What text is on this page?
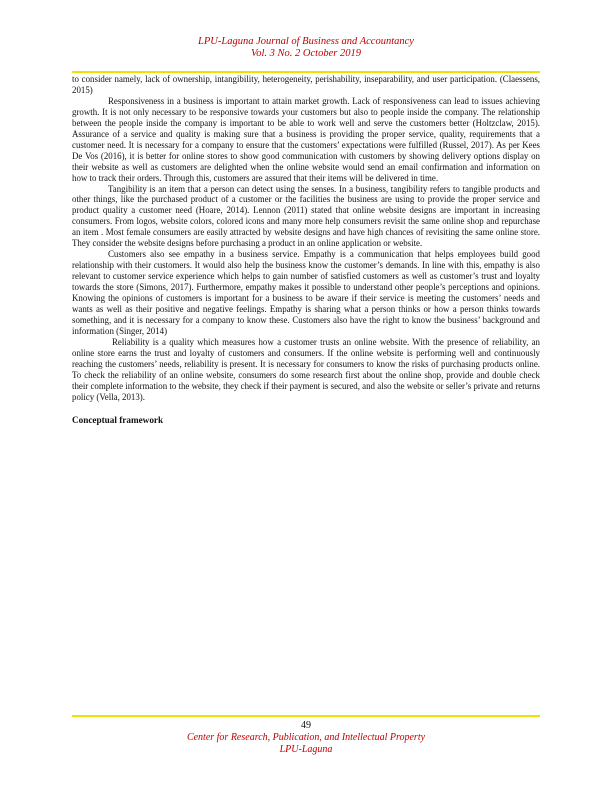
LPU-Laguna Journal of Business and Accountancy
Vol. 3 No. 2 October 2019

to consider namely, lack of ownership, intangibility, heterogeneity, perishability, inseparability, and user participation. (Claessens, 2015)

Responsiveness in a business is important to attain market growth. Lack of responsiveness can lead to issues achieving growth. It is not only necessary to be responsive towards your customers but also to people inside the company. The relationship between the people inside the company is important to be able to work well and serve the customers better (Holtzclaw, 2015). Assurance of a service and quality is making sure that a business is providing the proper service, quality, requirements that a customer need. It is necessary for a company to ensure that the customers’ expectations were fulfilled (Russel, 2017). As per Kees De Vos (2016), it is better for online stores to show good communication with customers by showing delivery options display on their website as well as customers are delighted when the online website would send an email confirmation and information on how to track their orders. Through this, customers are assured that their items will be delivered in time.

Tangibility is an item that a person can detect using the senses. In a business, tangibility refers to tangible products and other things, like the purchased product of a customer or the facilities the business are using to provide the proper service and product quality a customer need (Hoare, 2014). Lennon (2011) stated that online website designs are important in increasing consumers. From logos, website colors, colored icons and many more help consumers revisit the same online shop and repurchase an item . Most female consumers are easily attracted by website designs and have high chances of revisiting the same online store. They consider the website designs before purchasing a product in an online application or website.

Customers also see empathy in a business service. Empathy is a communication that helps employees build good relationship with their customers. It would also help the business know the customer’s demands. In line with this, empathy is also relevant to customer service experience which helps to gain number of satisfied customers as well as customer’s trust and loyalty towards the store (Simons, 2017). Furthermore, empathy makes it possible to understand other people’s perceptions and opinions. Knowing the opinions of customers is important for a business to be aware if their service is meeting the customers’ needs and wants as well as their positive and negative feelings. Empathy is sharing what a person thinks or how a person thinks towards something, and it is necessary for a company to know these. Customers also have the right to know the business’ background and information (Singer, 2014)

Reliability is a quality which measures how a customer trusts an online website. With the presence of reliability, an online store earns the trust and loyalty of customers and consumers. If the online website is performing well and continuously reaching the customers’ needs, reliability is present. It is necessary for consumers to know the risks of purchasing products online. To check the reliability of an online website, consumers do some research first about the online shop, provide and double check their complete information to the website, they check if their payment is secured, and also the website or seller’s private and returns policy (Vella, 2013).

Conceptual framework
49
Center for Research, Publication, and Intellectual Property
LPU-Laguna
